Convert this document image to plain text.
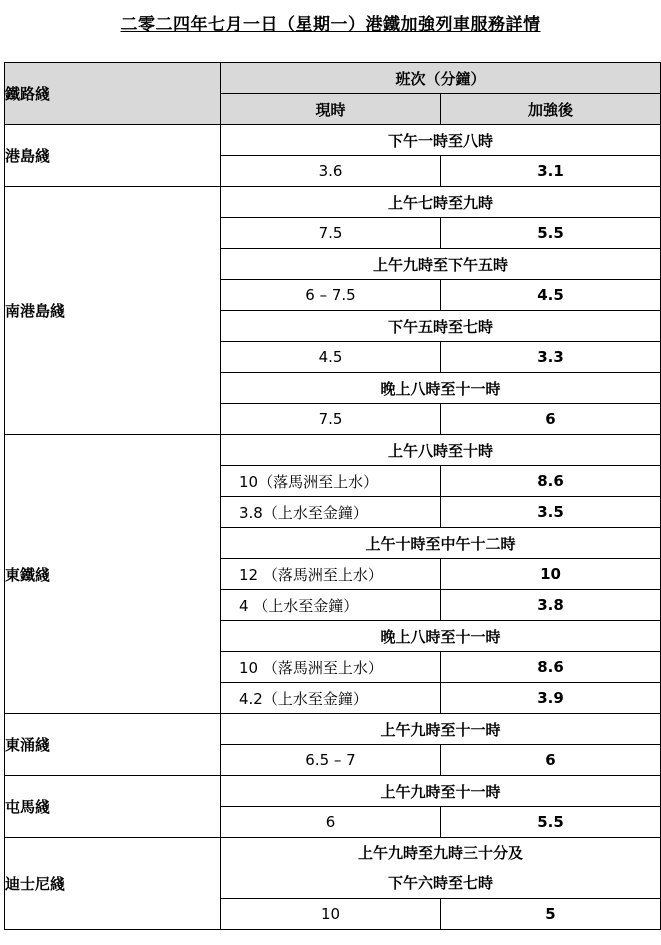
二零二四年七月一日（星期一）港鐵加強列車服務詳情
鐵路綫	班次（分鐘）	
	現時	加強後
港島綫	下午一時至八時	
	3.6	3.1

南港島綫	上午七時至九時	
	7.5	5.5
	上午九時至下午五時	
	6 – 7.5	4.5
	下午五時至七時	
	4.5	3.3
	晚上八時至十一時	
	7.5	6

東鐵綫	上午八時至十時	
	10（落馬洲至上水）	8.6
	3.8（上水至金鐘）	3.5
	上午十時至中午十二時	
	12 （落馬洲至上水）	10
	4 （上水至金鐘）	3.8
	晚上八時至十一時	
	10 （落馬洲至上水）	8.6
	4.2（上水至金鐘）	3.9

東涌綫	上午九時至十一時	
	6.5 – 7	6

屯馬綫	上午九時至十一時	
	6	5.5

迪士尼綫	上午九時至九時三十分及
下午六時至七時	
	10	5
